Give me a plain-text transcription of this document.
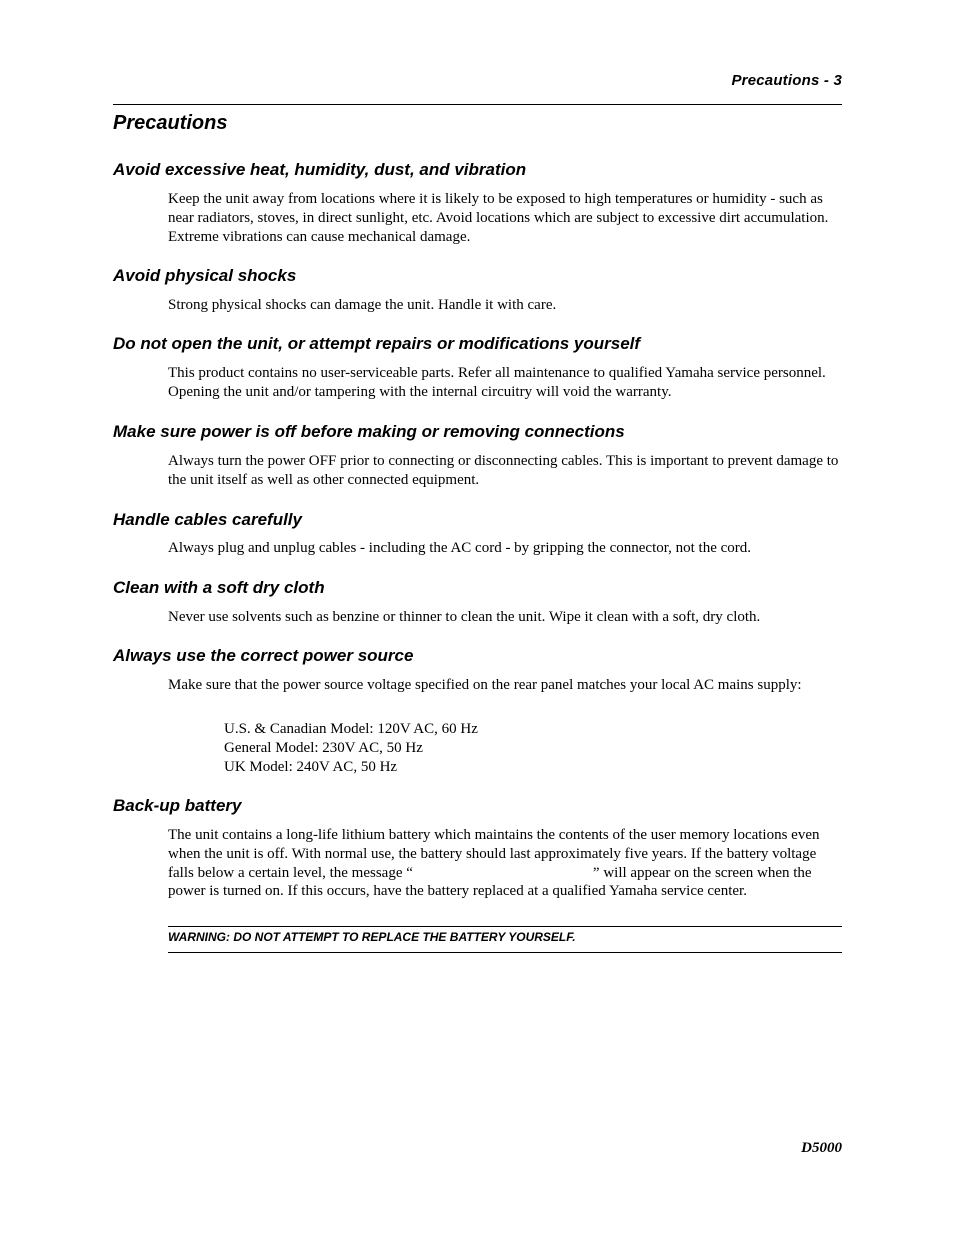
Precautions - 3
Precautions
Avoid excessive heat, humidity, dust, and vibration

Keep the unit away from locations where it is likely to be exposed to high temperatures or humidity - such as near radiators, stoves, in direct sunlight, etc. Avoid locations which are subject to excessive dirt accumulation. Extreme vibrations can cause mechanical damage.

Avoid physical shocks

Strong physical shocks can damage the unit. Handle it with care.

Do not open the unit, or attempt repairs or modifications yourself

This product contains no user-serviceable parts. Refer all maintenance to qualified Yamaha service personnel. Opening the unit and/or tampering with the internal circuitry will void the warranty.

Make sure power is off before making or removing connections

Always turn the power OFF prior to connecting or disconnecting cables. This is important to prevent damage to the unit itself as well as other connected equipment.

Handle cables carefully

Always plug and unplug cables - including the AC cord - by gripping the connector, not the cord.

Clean with a soft dry cloth

Never use solvents such as benzine or thinner to clean the unit. Wipe it clean with a soft, dry cloth.

Always use the correct power source

Make sure that the power source voltage specified on the rear panel matches your local AC mains supply:

U.S. & Canadian Model: 120V AC, 60 Hz
General Model: 230V AC, 50 Hz
UK Model: 240V AC, 50 Hz
Back-up battery

The unit contains a long-life lithium battery which maintains the contents of the user memory locations even when the unit is off. With normal use, the battery should last approximately five years. If the battery voltage falls below a certain level, the message “	” will appear on the screen when the power is turned on. If this occurs, have the battery replaced at a qualified Yamaha service center.

WARNING: DO NOT ATTEMPT TO REPLACE THE BATTERY YOURSELF.
D5000
